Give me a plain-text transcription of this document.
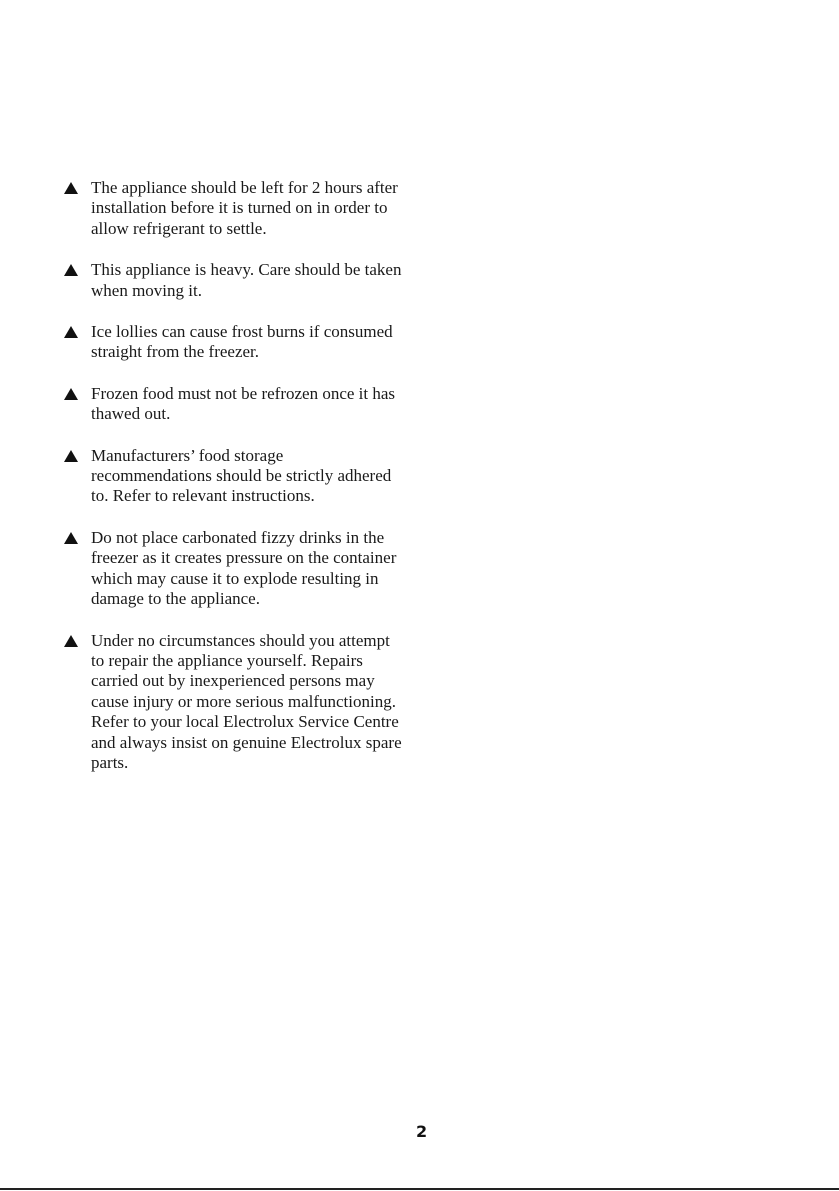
The appliance should be left for 2 hours after installation before it is turned on in order to allow refrigerant to settle.
This appliance is heavy. Care should be taken when moving it.
Ice lollies can cause frost burns if consumed straight from the freezer.
Frozen food must not be refrozen once it has thawed out.
Manufacturers’ food storage recommendations should be strictly adhered to. Refer to relevant instructions.
Do not place carbonated fizzy drinks in the freezer as it creates pressure on the container which may cause it to explode resulting in damage to the appliance.
Under no circumstances should you attempt to repair the appliance yourself. Repairs carried out by inexperienced persons may cause injury or more serious malfunctioning. Refer to your local Electrolux Service Centre and always insist on genuine Electrolux spare parts.
2
